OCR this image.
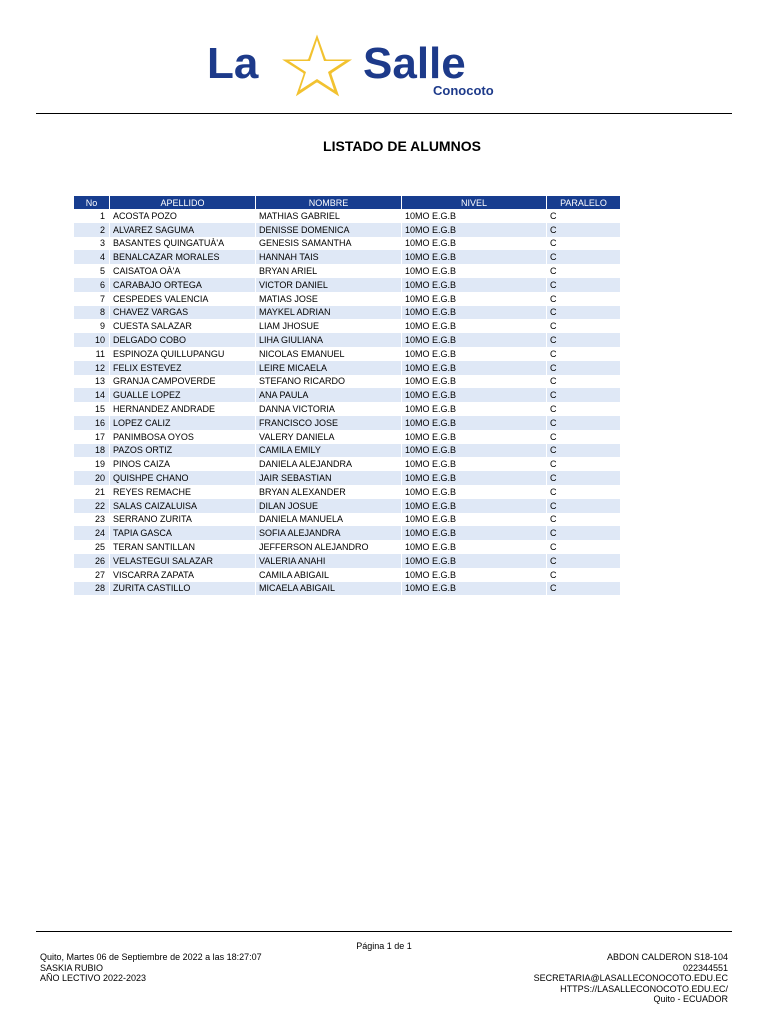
La Salle
Conocoto
LISTADO DE ALUMNOS
No	APELLIDO	NOMBRE	NIVEL	PARALELO
1	ACOSTA POZO	MATHIAS GABRIEL	10MO E.G.B	C
2	ALVAREZ SAGUMA	DENISSE DOMENICA	10MO E.G.B	C
3	BASANTES QUINGATUÀ'A	GENESIS SAMANTHA	10MO E.G.B	C
4	BENALCAZAR MORALES	HANNAH TAIS	10MO E.G.B	C
5	CAISATOA OÀ'A	BRYAN ARIEL	10MO E.G.B	C
6	CARABAJO ORTEGA	VICTOR DANIEL	10MO E.G.B	C
7	CESPEDES VALENCIA	MATIAS JOSE	10MO E.G.B	C
8	CHAVEZ VARGAS	MAYKEL ADRIAN	10MO E.G.B	C
9	CUESTA SALAZAR	LIAM JHOSUE	10MO E.G.B	C
10	DELGADO COBO	LIHA GIULIANA	10MO E.G.B	C
11	ESPINOZA QUILLUPANGU	NICOLAS EMANUEL	10MO E.G.B	C
12	FELIX ESTEVEZ	LEIRE MICAELA	10MO E.G.B	C
13	GRANJA CAMPOVERDE	STEFANO RICARDO	10MO E.G.B	C
14	GUALLE LOPEZ	ANA PAULA	10MO E.G.B	C
15	HERNANDEZ ANDRADE	DANNA VICTORIA	10MO E.G.B	C
16	LOPEZ CALIZ	FRANCISCO JOSE	10MO E.G.B	C
17	PANIMBOSA OYOS	VALERY DANIELA	10MO E.G.B	C
18	PAZOS ORTIZ	CAMILA EMILY	10MO E.G.B	C
19	PINOS CAIZA	DANIELA ALEJANDRA	10MO E.G.B	C
20	QUISHPE CHANO	JAIR SEBASTIAN	10MO E.G.B	C
21	REYES REMACHE	BRYAN ALEXANDER	10MO E.G.B	C
22	SALAS CAIZALUISA	DILAN JOSUE	10MO E.G.B	C
23	SERRANO ZURITA	DANIELA MANUELA	10MO E.G.B	C
24	TAPIA GASCA	SOFIA ALEJANDRA	10MO E.G.B	C
25	TERAN SANTILLAN	JEFFERSON ALEJANDRO	10MO E.G.B	C
26	VELASTEGUI SALAZAR	VALERIA ANAHI	10MO E.G.B	C
27	VISCARRA ZAPATA	CAMILA ABIGAIL	10MO E.G.B	C
28	ZURITA CASTILLO	MICAELA ABIGAIL	10MO E.G.B	C
Página 1 de 1
Quito, Martes 06 de Septiembre de 2022 a las 18:27:07
SASKIA RUBIO
AÑO LECTIVO 2022-2023
ABDON CALDERON S18-104
022344551
SECRETARIA@LASALLECONOCOTO.EDU.EC
HTTPS://LASALLECONOCOTO.EDU.EC/
Quito - ECUADOR
